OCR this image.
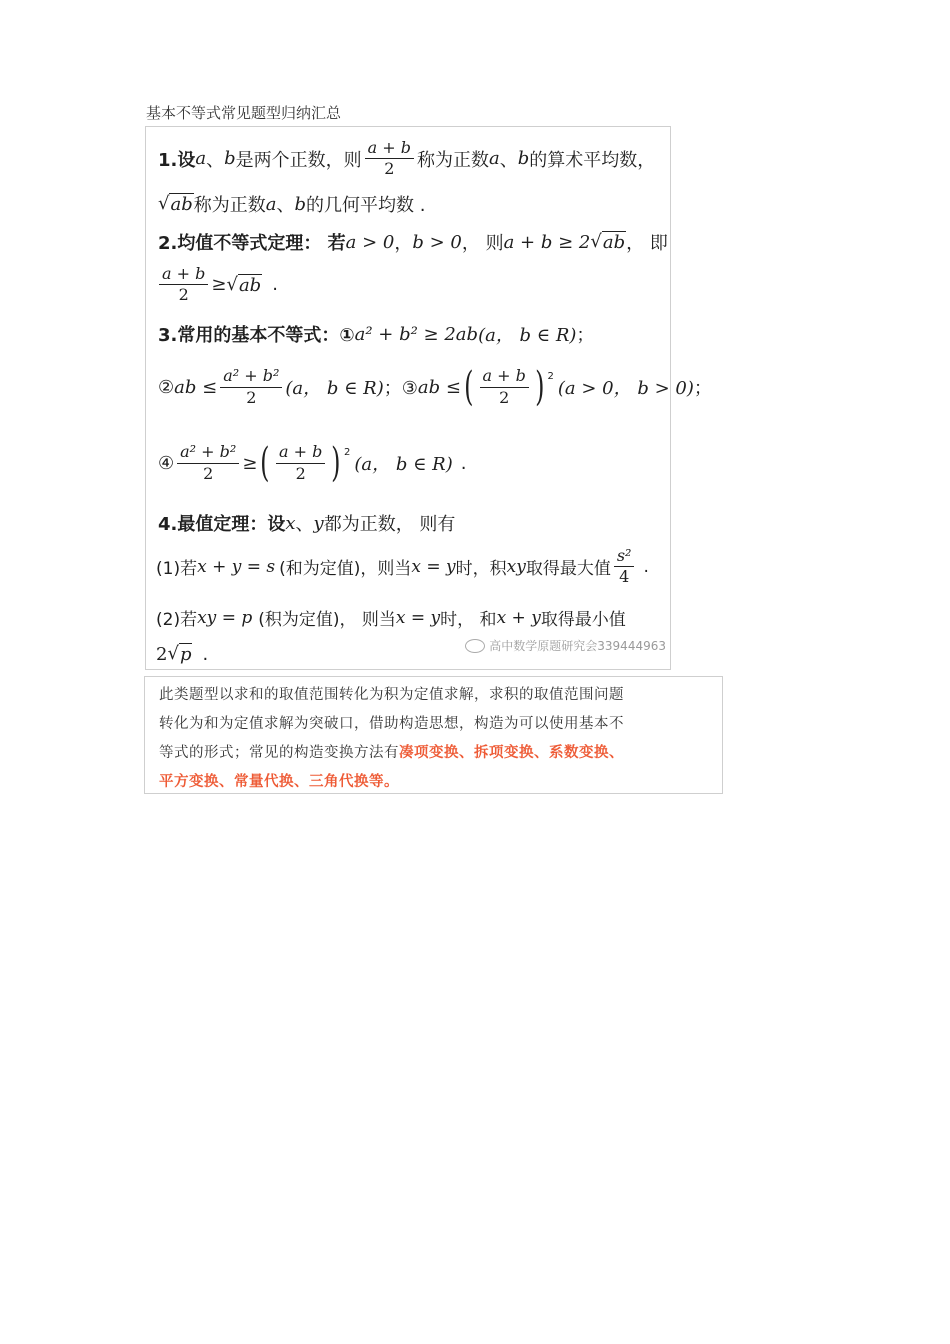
基本不等式常见题型归纳汇总
1.设 a 、 b 是两个正数，则 $\frac{a + b}{2}$ 称为正数 a 、 b 的算术平均数，
√ ab 称为正数 a 、 b 的几何平均数 .
2.均值不等式定理： 若 a > 0 ， b > 0 ， 则 a + b ≥ 2 √ ab ， 即
$\frac{a + b}{2}$ ≥ √ ab .
3.常用的基本不等式：① a² + b² ≥ 2ab (a， b ∈ R) ；
② ab ≤ $\frac{\text{a² + b²}}{2} (a$， b ∈ R) ；③ ab ≤ ( $\frac{a + b}{2}$ ) 2
(a > 0， b > 0) ；
④ $\frac{\text{a² + b²}}{2}$ ≥ ( $\frac{a + b}{2}$ ) 2
(a， b ∈ R) .
4.最值定理：设 x 、 y 都为正数， 则有
(1)若 x + y = s (和为定值) ，则当 x = y 时，积 xy 取得最大值 $\frac{\text{s²}}{4}$ .
(2)若 xy = p (积为定值) ， 则当 x = y 时， 和 x + y 取得最小值
2 √ p .	高中数学原题研究会339444963
此类题型以求和的取值范围转化为积为定值求解，求积的取值范围问题
转化为和为定值求解为突破口，借助构造思想，构造为可以使用基本不
等式的形式；常见的构造变换方法有凑项变换、拆项变换、系数变换、
平方变换、常量代换、三角代换等。
